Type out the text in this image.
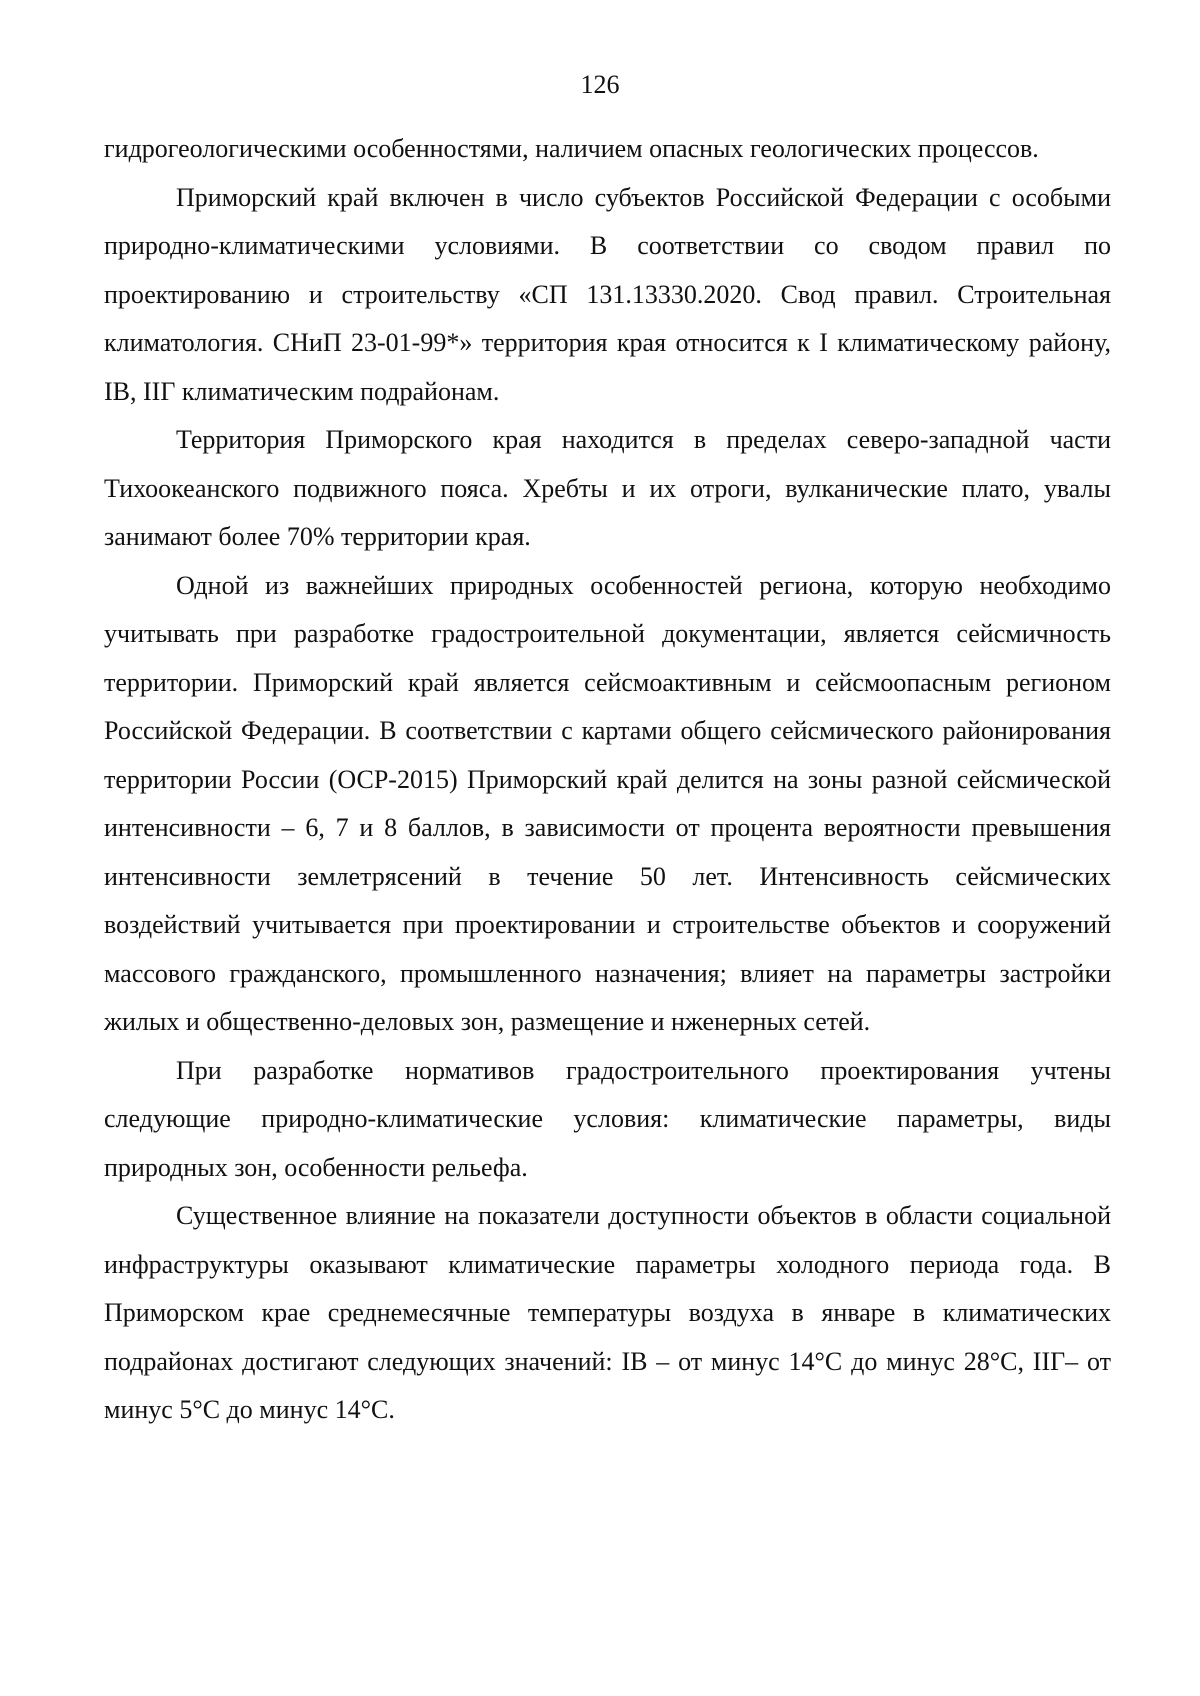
126

гидрогеологическими особенностями, наличием опасных геологических процессов.

Приморский край включен в число субъектов Российской Федерации с особыми природно-климатическими условиями. В соответствии со сводом правил по проектированию и строительству «СП 131.13330.2020. Свод правил. Строительная климатология. СНиП 23-01-99*» территория края относится к I климатическому району, IB, IIГ климатическим подрайонам.

Территория Приморского края находится в пределах северо-западной части Тихоокеанского подвижного пояса. Хребты и их отроги, вулканические плато, увалы занимают более 70% территории края.

Одной из важнейших природных особенностей региона, которую необходимо учитывать при разработке градостроительной документации, является сейсмичность территории. Приморский край является сейсмоактивным и сейсмоопасным регионом Российской Федерации. В соответствии с картами общего сейсмического районирования территории России (ОСР-2015) Приморский край делится на зоны разной сейсмической интенсивности – 6, 7 и 8 баллов, в зависимости от процента вероятности превышения интенсивности землетрясений в течение 50 лет. Интенсивность сейсмических воздействий учитывается при проектировании и строительстве объектов и сооружений массового гражданского, промышленного назначения; влияет на параметры застройки жилых и общественно-деловых зон, размещение и нженерных сетей.

При разработке нормативов градостроительного проектирования учтены следующие природно-климатические условия: климатические параметры, виды природных зон, особенности рельефа.

Существенное влияние на показатели доступности объектов в области социальной инфраструктуры оказывают климатические параметры холодного периода года. В Приморском крае среднемесячные температуры воздуха в январе в климатических подрайонах достигают следующих значений: IB – от минус 14°С до минус 28°С, IIГ– от минус 5°С до минус 14°С.
